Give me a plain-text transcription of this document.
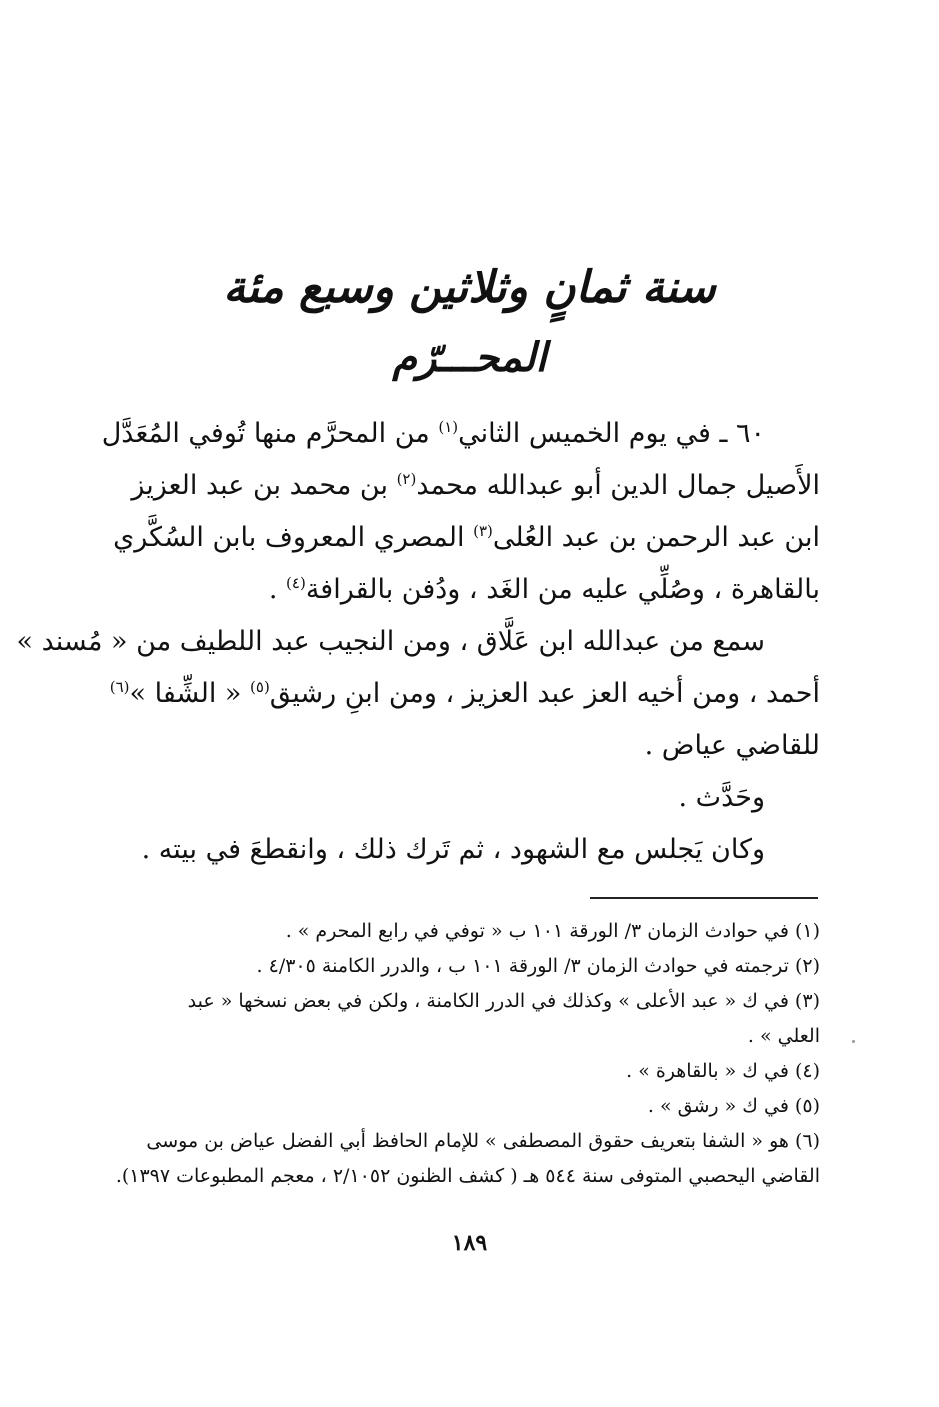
سنة ثمانٍ وثلاثين وسبع مئة
المحـــرّم
٦٠ ـ في يوم الخميس الثاني$^{(١)}$ من المحرَّم منها تُوفي المُعَدَّل
الأَصيل جمال الدين أبو عبدالله محمد$^{(٢)}$ بن محمد بن عبد العزيز
ابن عبد الرحمن بن عبد العُلى$^{(٣)}$ المصري المعروف بابن السُكَّري
بالقاهرة ، وصُلِّي عليه من الغَد ، ودُفن بالقرافة$^{(٤)}$ .
سمع من عبدالله ابن عَلَّاق ، ومن النجيب عبد اللطيف من « مُسند »
أحمد ، ومن أخيه العز عبد العزيز ، ومن ابنِ رشيق$^{(٥)}$ « الشِّفا »$^{(٦)}$
للقاضي عياض .
وحَدَّث .
وكان يَجلس مع الشهود ، ثم تَرك ذلك ، وانقطعَ في بيته .
(١) في حوادث الزمان ٣/ الورقة ١٠١ ب « توفي في رابع المحرم » .
(٢) ترجمته في حوادث الزمان ٣/ الورقة ١٠١ ب ، والدرر الكامنة ٤/٣٠٥ .
(٣) في ك « عبد الأعلى » وكذلك في الدرر الكامنة ، ولكن في بعض نسخها « عبد
العلي » .
(٤) في ك « بالقاهرة » .
(٥) في ك « رشق » .
(٦) هو « الشفا بتعريف حقوق المصطفى » للإمام الحافظ أبي الفضل عياض بن موسى
القاضي اليحصبي المتوفى سنة ٥٤٤ هـ ( كشف الظنون ٢/١٠٥٢ ، معجم المطبوعات ١٣٩٧).
١٨٩
